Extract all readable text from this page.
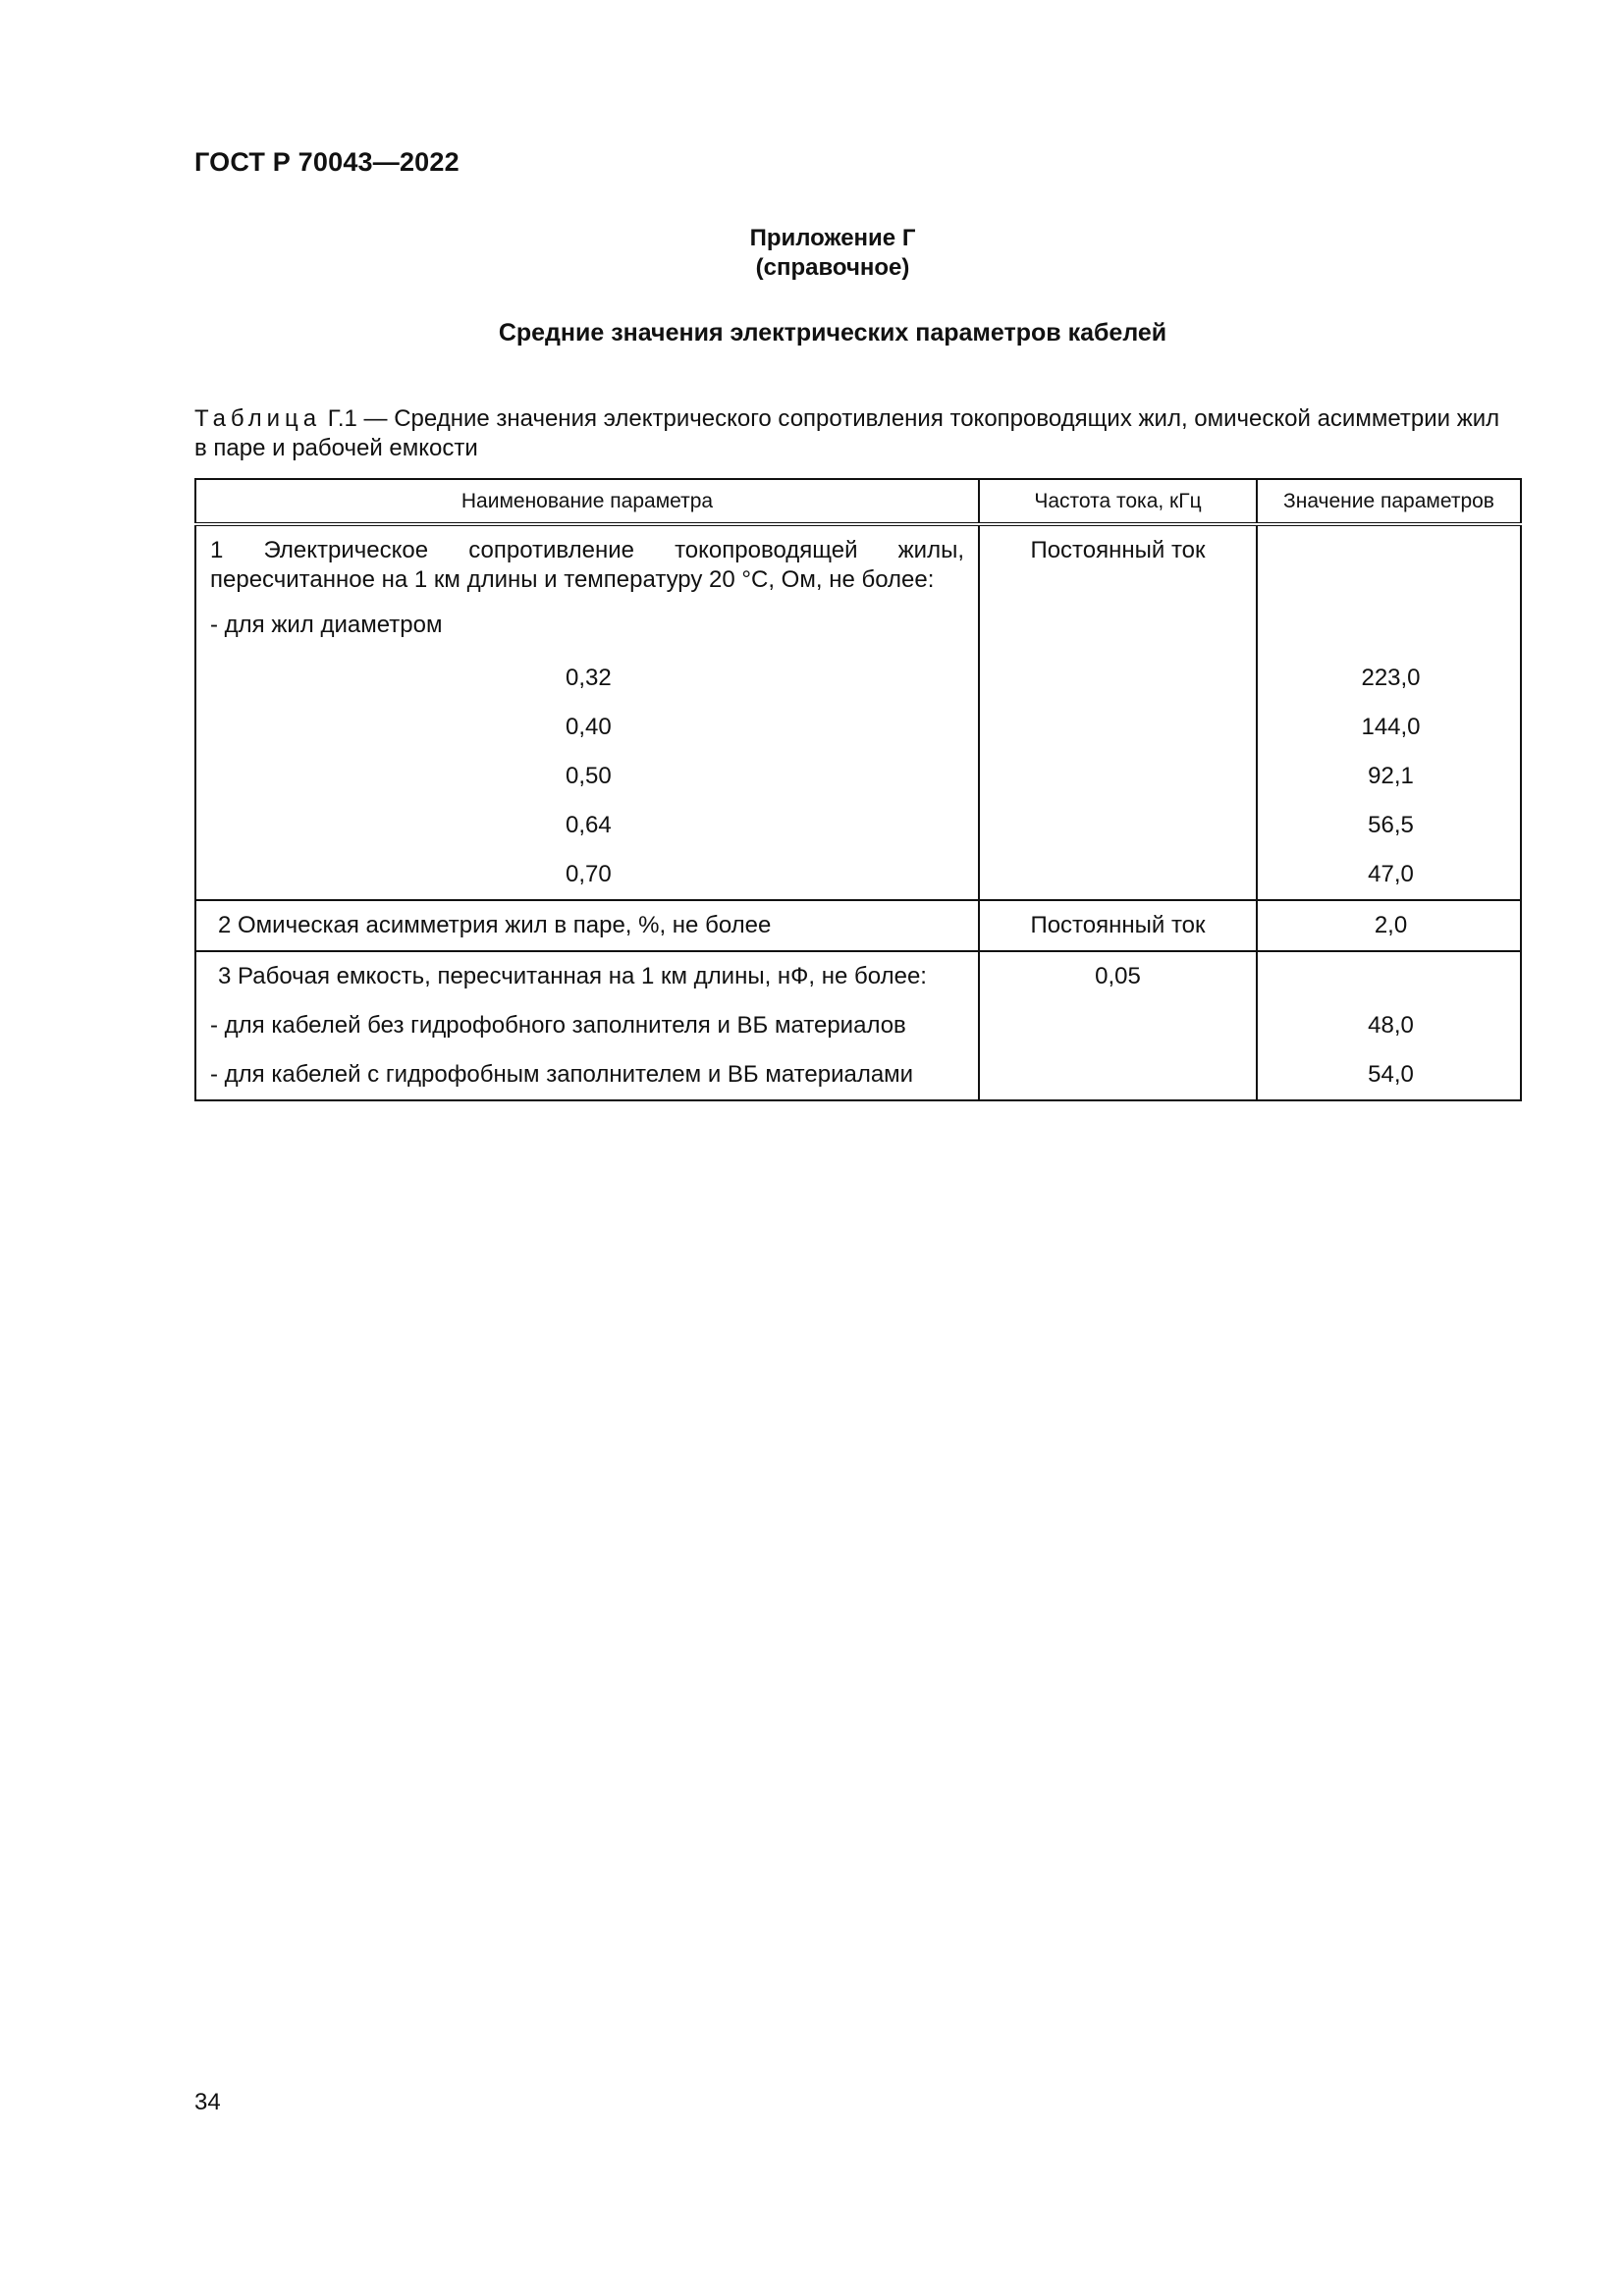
ГОСТ Р 70043—2022
Приложение Г
(справочное)
Средние значения электрических параметров кабелей
Таблица Г.1 — Средние значения электрического сопротивления токопроводящих жил, омической асимметрии жил в паре и рабочей емкости
Наименование параметра	Частота тока, кГц	Значение параметров

1 Электрическое сопротивление токопроводящей жилы, пересчитанное на 1 км длины и температуру 20 °С, Ом, не более:	Постоянный ток	

- для жил диаметром		

0,32		223,0

0,40		144,0

0,50		92,1

0,64		56,5

0,70		47,0

2 Омическая асимметрия жил в паре, %, не более	Постоянный ток	2,0

3 Рабочая емкость, пересчитанная на 1 км длины, нФ, не более:	0,05	

- для кабелей без гидрофобного заполнителя и ВБ материалов		48,0

- для кабелей с гидрофобным заполнителем и ВБ материалами		54,0
34
